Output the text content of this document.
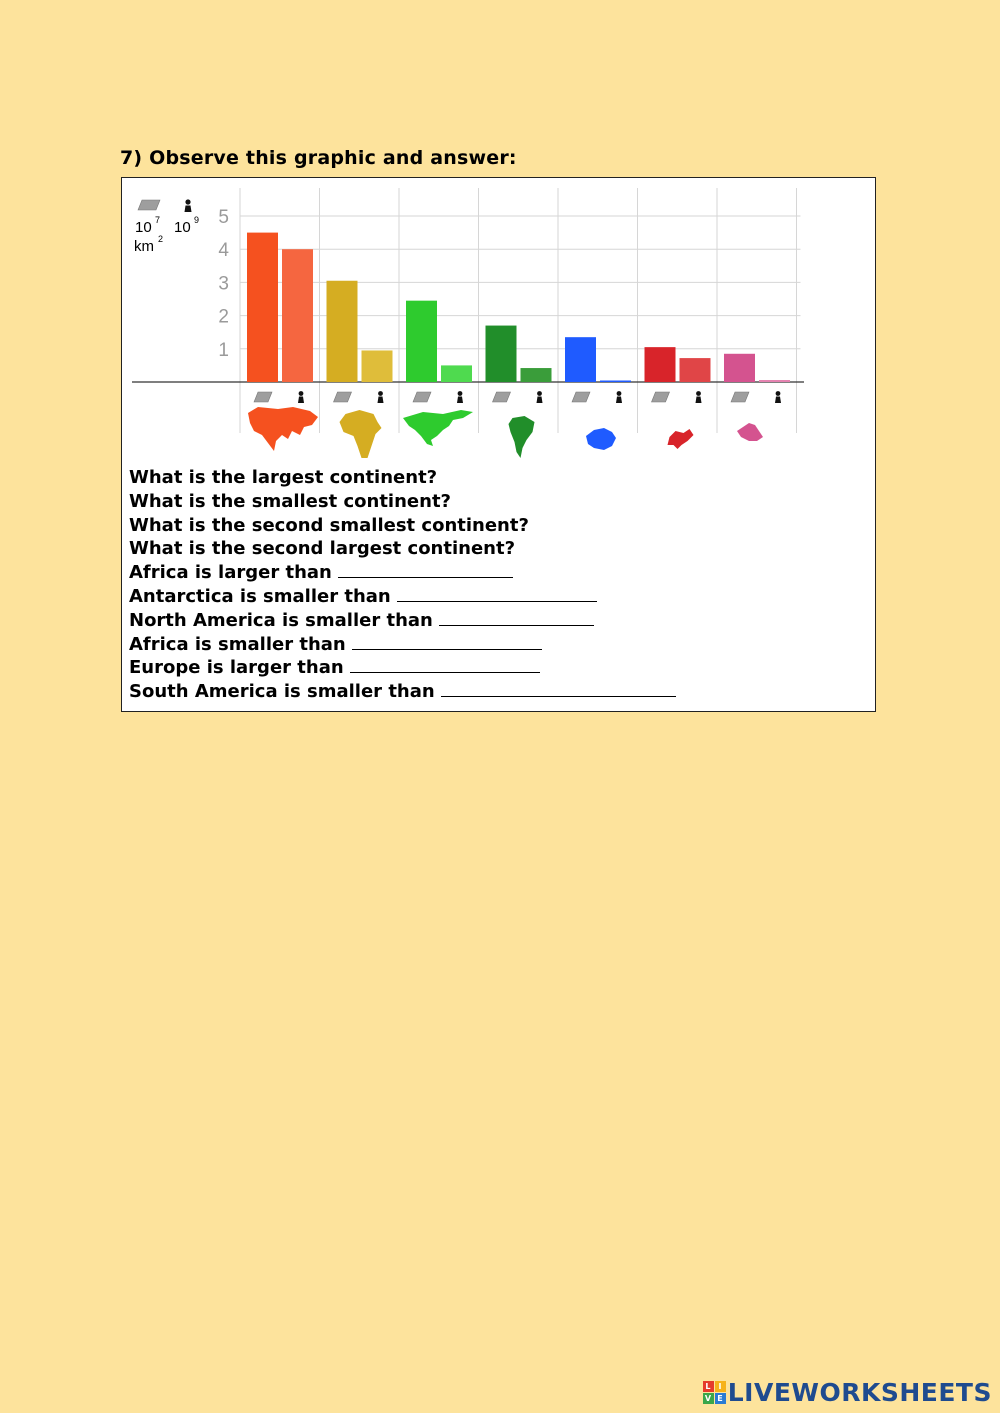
7) Observe this graphic and answer:
1
2
3
4
5
10 7 10 9
km 2
What is the largest continent?
What is the smallest continent?
What is the second smallest continent?
What is the second largest continent?
Africa is larger than
Antarctica is smaller than
North America is smaller than
Africa is smaller than
Europe is larger than
South America is smaller than
L I
V E LIVEWORKSHEETS
